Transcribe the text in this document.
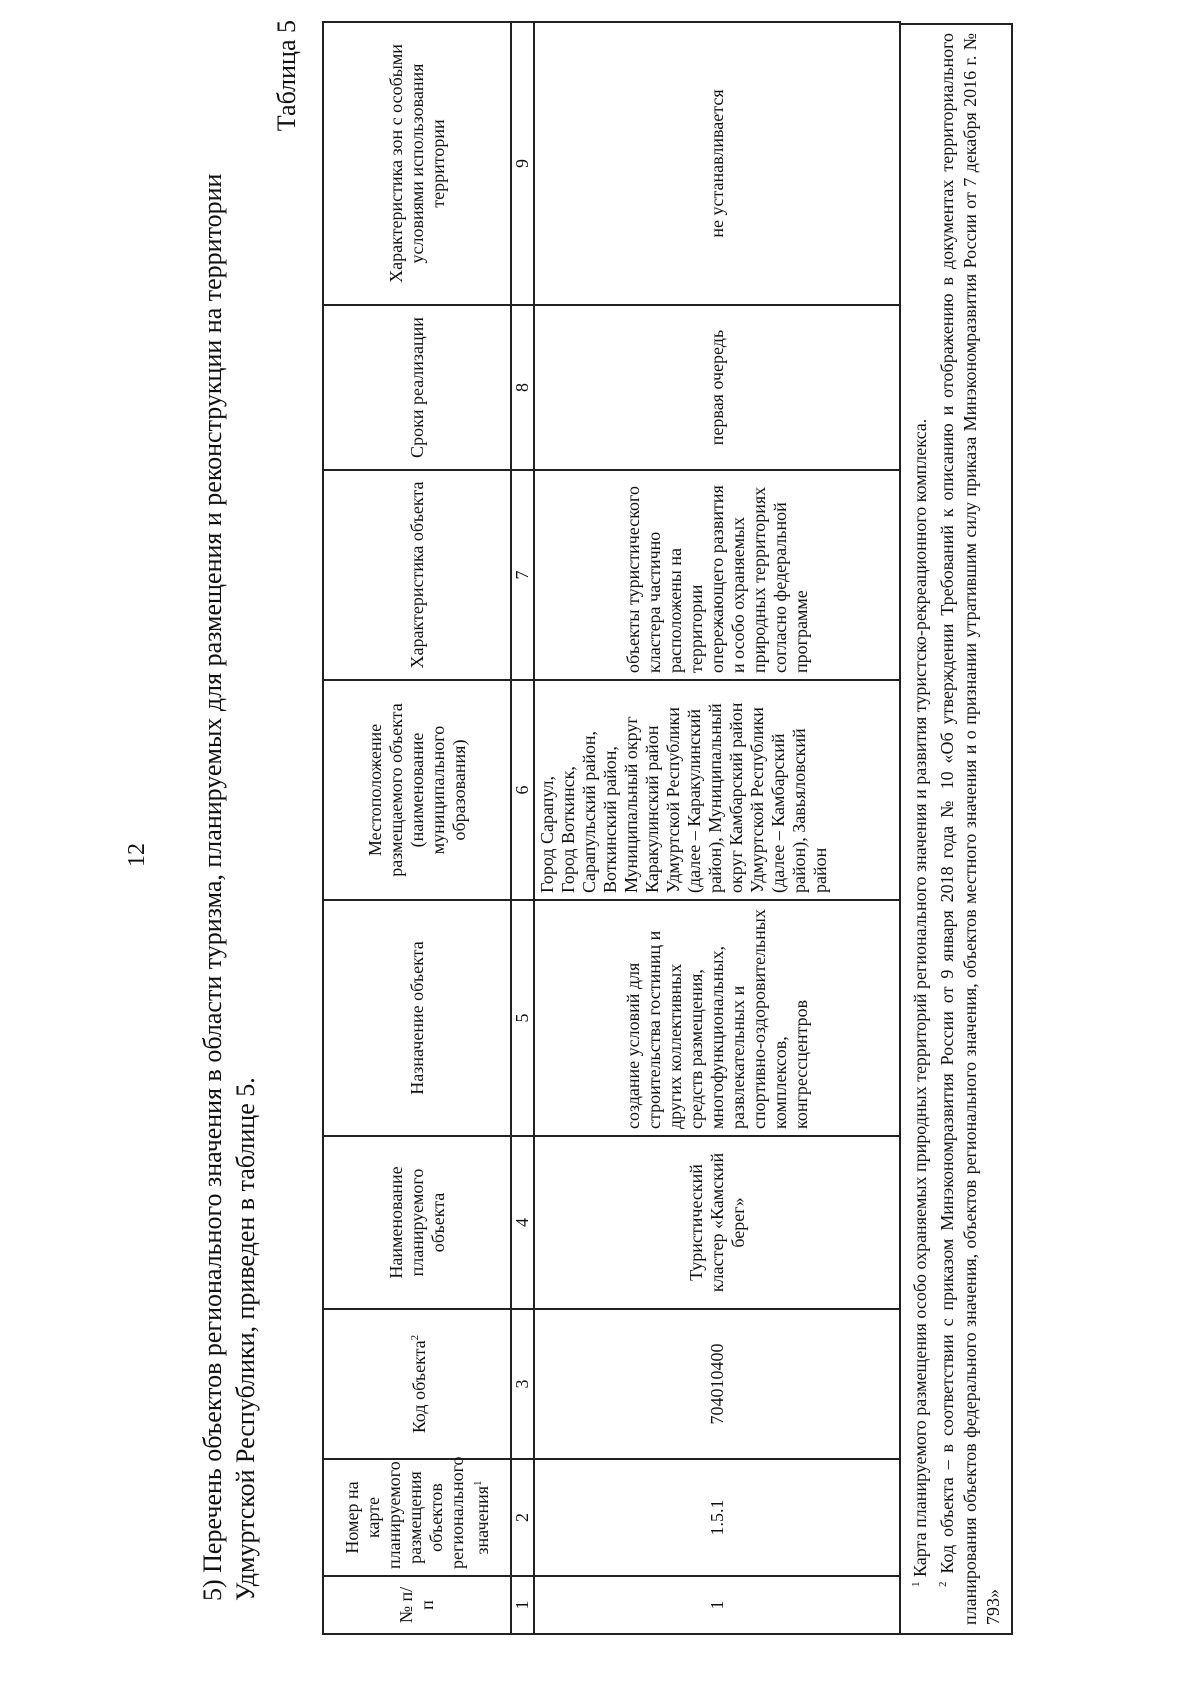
12 5) Перечень объектов регионального значения в области туризма, планируемых для размещения и реконструкции на территории Удмуртской Республики, приведен в таблице 5.
Таблица 5
№ п/п	Номер на карте планируемого размещения объектов регионального значения$^1$	Код объекта$^2$	Наименование планируемого объекта	Назначение объекта	Местоположение размещаемого объекта (наименование муниципального образования)	Характеристика объекта	Сроки реализации	Характеристика зон с особыми условиями использования территории
1	2	3	4	5	6	7	8	9
1	1.5.1	704010400	Туристический кластер «Камский берег»	создание условий для строительства гостиниц и других коллективных средств размещения, многофункциональных, развлекательных и спортивно-оздоровительных комплексов, конгрессцентров	Город Сарапул,
Город Воткинск,
Сарапульский район,
Воткинский район,
Муниципальный округ Каракулинский район Удмуртской Республики (далее – Каракулинский район), Муниципальный округ Камбарский район Удмуртской Республики (далее – Камбарский район), Завьяловский район	объекты туристического кластера частично расположены на территории опережающего развития и особо охраняемых природных территориях согласно федеральной программе	первая очередь	не устанавливается

$^1$ Карта планируемого размещения особо охраняемых природных территорий регионального значения и развития туристско-рекреационного комплекса.

$^2$ Код объекта – в соответствии с приказом Минэкономразвития России от 9 января 2018 года № 10 «Об утверждении Требований к описанию и отображению в документах территориального планирования объектов федерального значения, объектов регионального значения, объектов местного значения и о признании утратившим силу приказа Минэкономразвития России от 7 декабря 2016 г. № 793»
